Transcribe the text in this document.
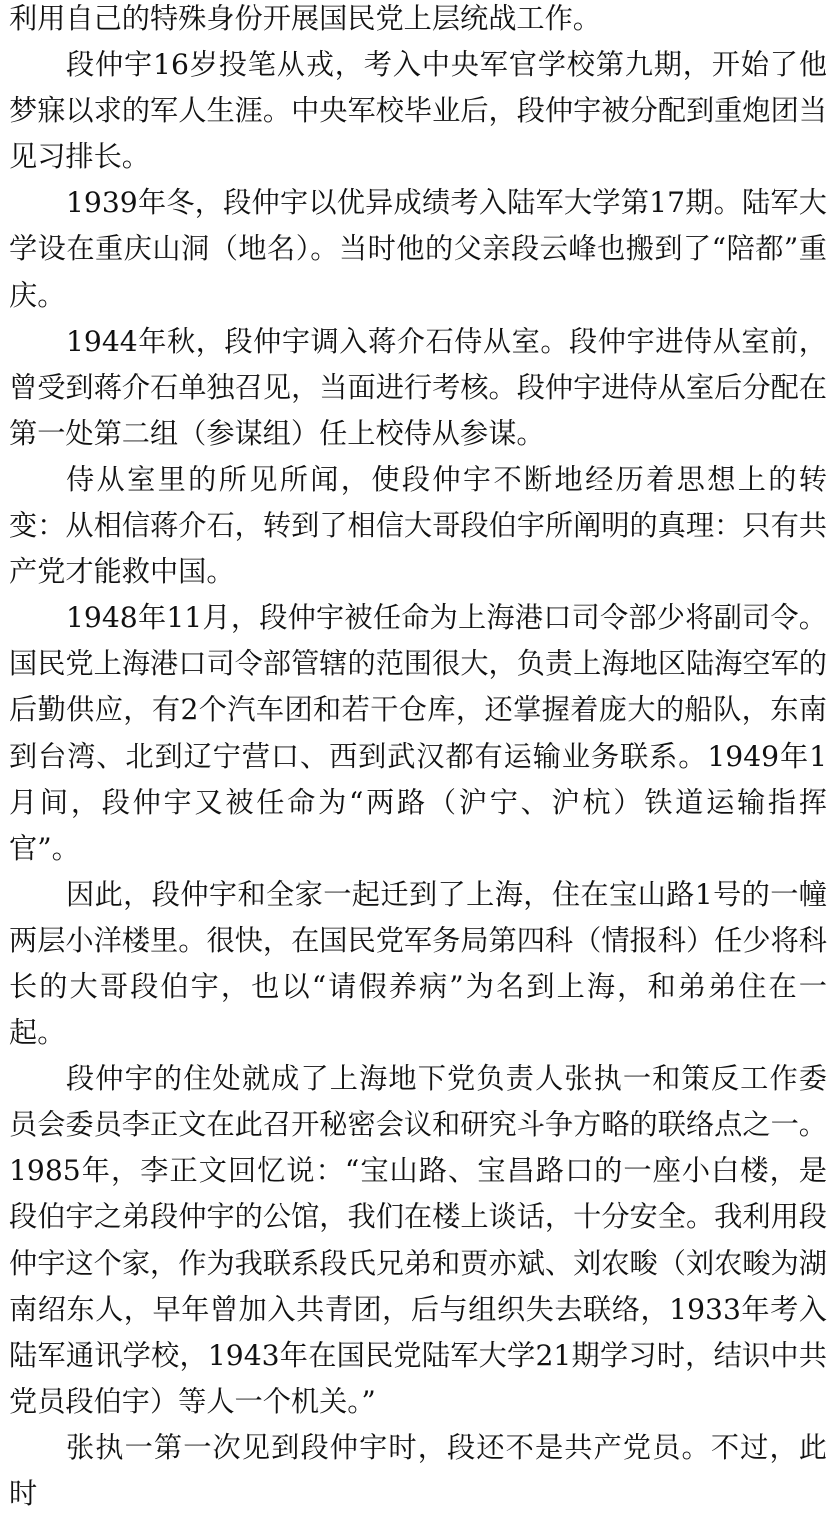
利用自己的特殊身份开展国民党上层统战工作。

段仲宇16岁投笔从戎，考入中央军官学校第九期，开始了他梦寐以求的军人生涯。中央军校毕业后，段仲宇被分配到重炮团当见习排长。

1939年冬，段仲宇以优异成绩考入陆军大学第17期。陆军大学设在重庆山洞（地名）。当时他的父亲段云峰也搬到了“陪都”重庆。

1944年秋，段仲宇调入蒋介石侍从室。段仲宇进侍从室前，曾受到蒋介石单独召见，当面进行考核。段仲宇进侍从室后分配在第一处第二组（参谋组）任上校侍从参谋。

侍从室里的所见所闻，使段仲宇不断地经历着思想上的转变：从相信蒋介石，转到了相信大哥段伯宇所阐明的真理：只有共产党才能救中国。

1948年11月，段仲宇被任命为上海港口司令部少将副司令。国民党上海港口司令部管辖的范围很大，负责上海地区陆海空军的后勤供应，有2个汽车团和若干仓库，还掌握着庞大的船队，东南到台湾、北到辽宁营口、西到武汉都有运输业务联系。1949年1月间，段仲宇又被任命为“两路（沪宁、沪杭）铁道运输指挥官”。

因此，段仲宇和全家一起迁到了上海，住在宝山路1号的一幢两层小洋楼里。很快，在国民党军务局第四科（情报科）任少将科长的大哥段伯宇，也以“请假养病”为名到上海，和弟弟住在一起。

段仲宇的住处就成了上海地下党负责人张执一和策反工作委员会委员李正文在此召开秘密会议和研究斗争方略的联络点之一。1985年，李正文回忆说：“宝山路、宝昌路口的一座小白楼，是段伯宇之弟段仲宇的公馆，我们在楼上谈话，十分安全。我利用段仲宇这个家，作为我联系段氏兄弟和贾亦斌、刘农畯（刘农畯为湖南绍东人，早年曾加入共青团，后与组织失去联络，1933年考入陆军通讯学校，1943年在国民党陆军大学21期学习时，结识中共党员段伯宇）等人一个机关。”

张执一第一次见到段仲宇时，段还不是共产党员。不过，此时
